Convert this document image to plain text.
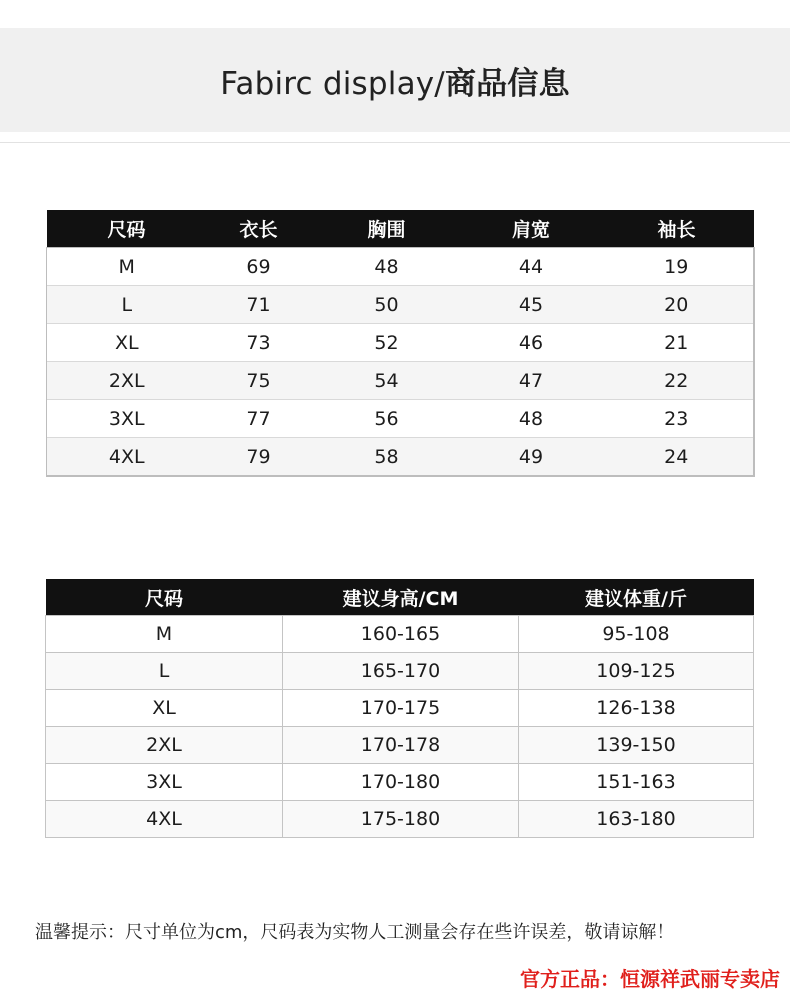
Fabirc display/商品信息
尺码	衣长	胸围	肩宽	袖长
M	69	48	44	19
L	71	50	45	20
XL	73	52	46	21
2XL	75	54	47	22
3XL	77	56	48	23
4XL	79	58	49	24
尺码	建议身高/CM	建议体重/斤
M	160-165	95-108
L	165-170	109-125
XL	170-175	126-138
2XL	170-178	139-150
3XL	170-180	151-163
4XL	175-180	163-180
温馨提示：尺寸单位为cm，尺码表为实物人工测量会存在些许误差，敬请谅解！
官方正品：恒源祥武丽专卖店
